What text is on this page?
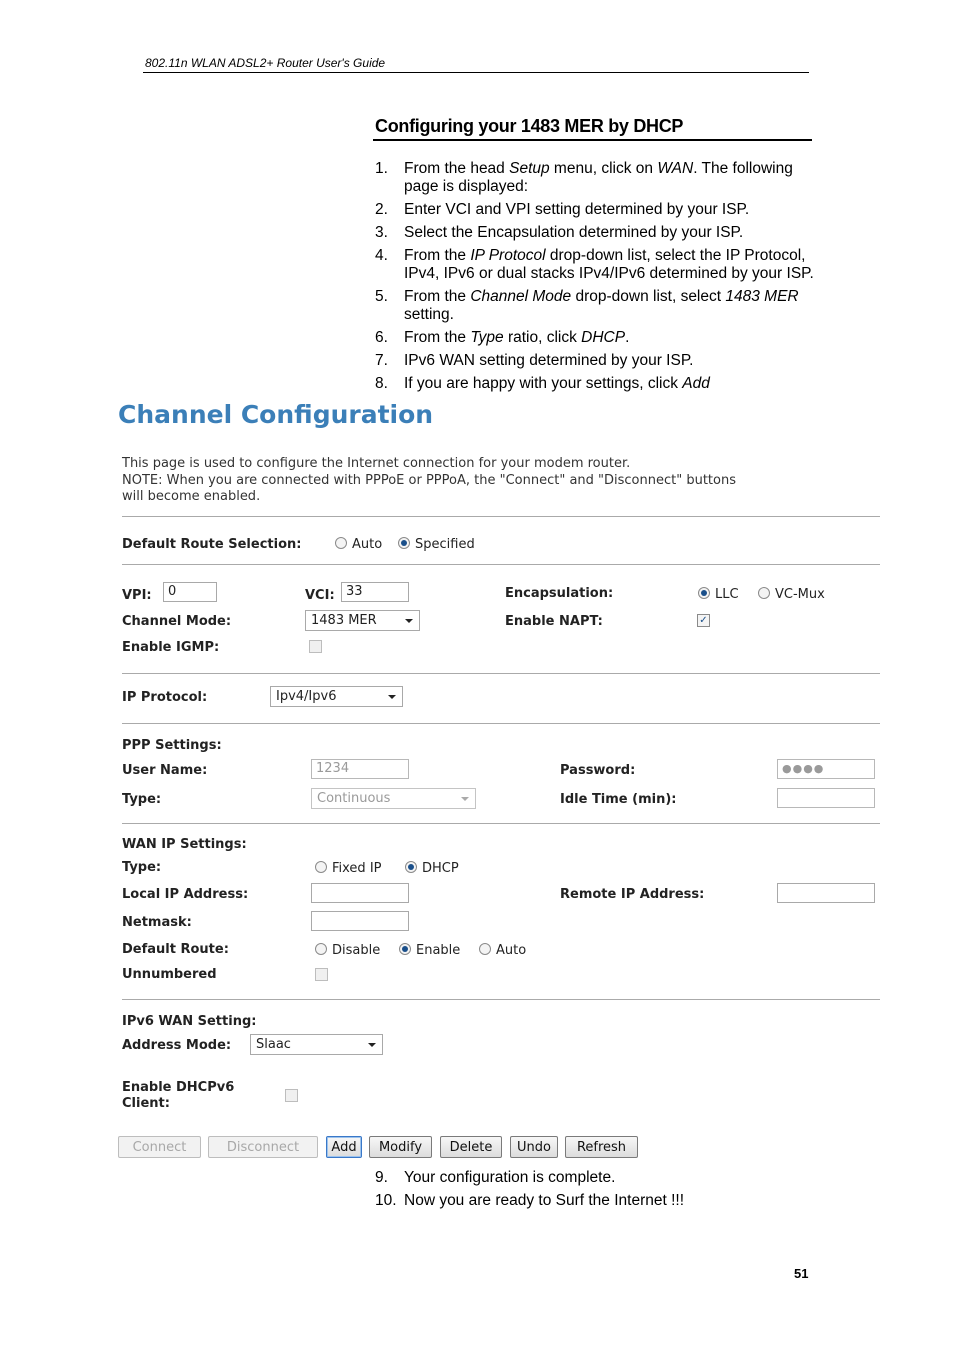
802.11n WLAN ADSL2+ Router User's Guide
Configuring your 1483 MER by DHCP
1. From the head Setup menu, click on WAN. The following page is displayed:
2. Enter VCI and VPI setting determined by your ISP.
3. Select the Encapsulation determined by your ISP.
4. From the IP Protocol drop-down list, select the IP Protocol, IPv4, IPv6 or dual stacks IPv4/IPv6 determined by your ISP.
5. From the Channel Mode drop-down list, select 1483 MER setting.
6. From the Type ratio, click DHCP.
7. IPv6 WAN setting determined by your ISP.
8. If you are happy with your settings, click Add
Channel Configuration
This page is used to configure the Internet connection for your modem router.
NOTE: When you are connected with PPPoE or PPPoA, the "Connect" and "Disconnect" buttons
will become enabled.
Default Route Selection:	Auto	Specified
VPI:	0	VCI: 33	Encapsulation:	LLC	VC-Mux
Channel Mode:	1483 MER	Enable NAPT:	✓
Enable IGMP:
IP Protocol:	Ipv4/Ipv6
PPP Settings:
User Name:	1234	Password:	●●●●
Type:	Continuous	Idle Time (min):
WAN IP Settings:
Type:	Fixed IP	DHCP
Local IP Address:	Remote IP Address:
Netmask:
Default Route:	Disable	Enable	Auto
Unnumbered
IPv6 WAN Setting:
Address Mode:	Slaac
Enable DHCPv6
Client:
Connect	Disconnect	Add	Modify	Delete	Undo	Refresh
9. Your configuration is complete.
10. Now you are ready to Surf the Internet !!!
51
